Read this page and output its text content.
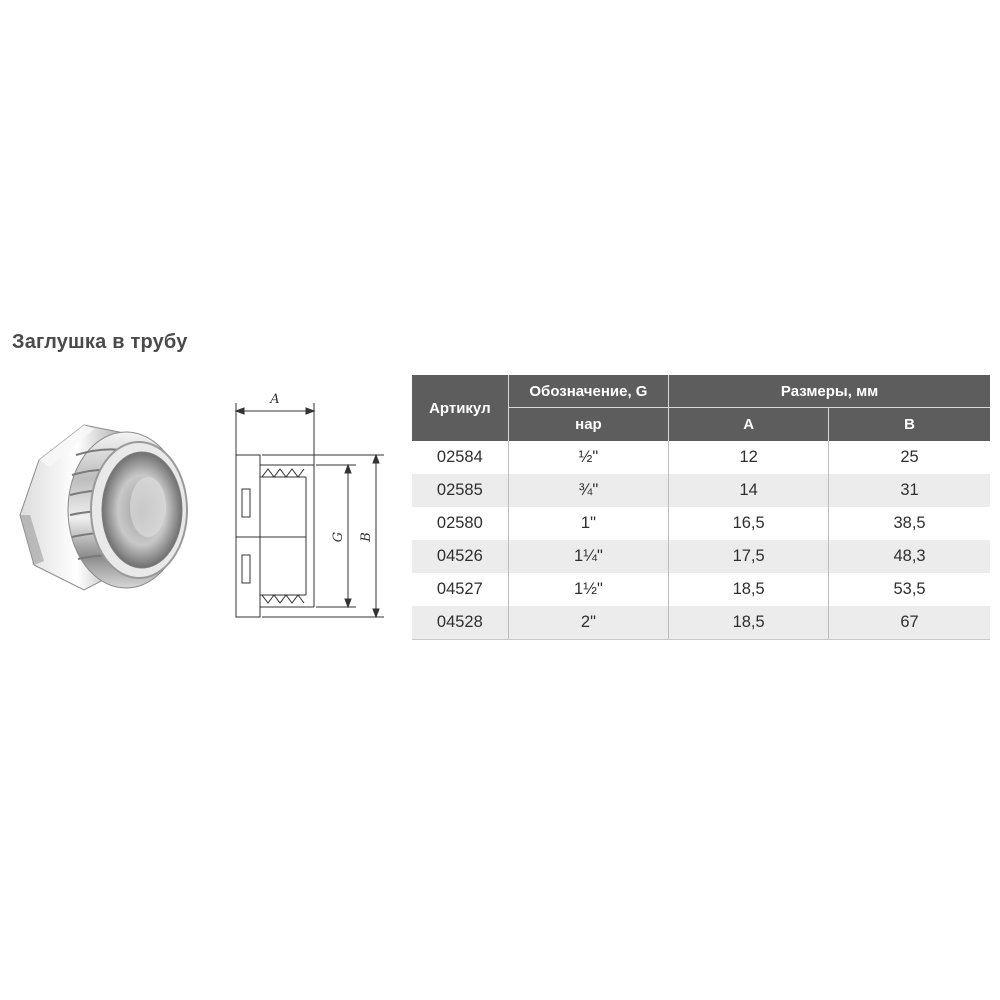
Заглушка в трубу
A
G B
Артикул	Обозначение, G	Размеры, мм	
	нар	A	B
02584	½"	12	25
02585	¾"	14	31
02580	1"	16,5	38,5
04526	1¼"	17,5	48,3
04527	1½"	18,5	53,5
04528	2"	18,5	67
